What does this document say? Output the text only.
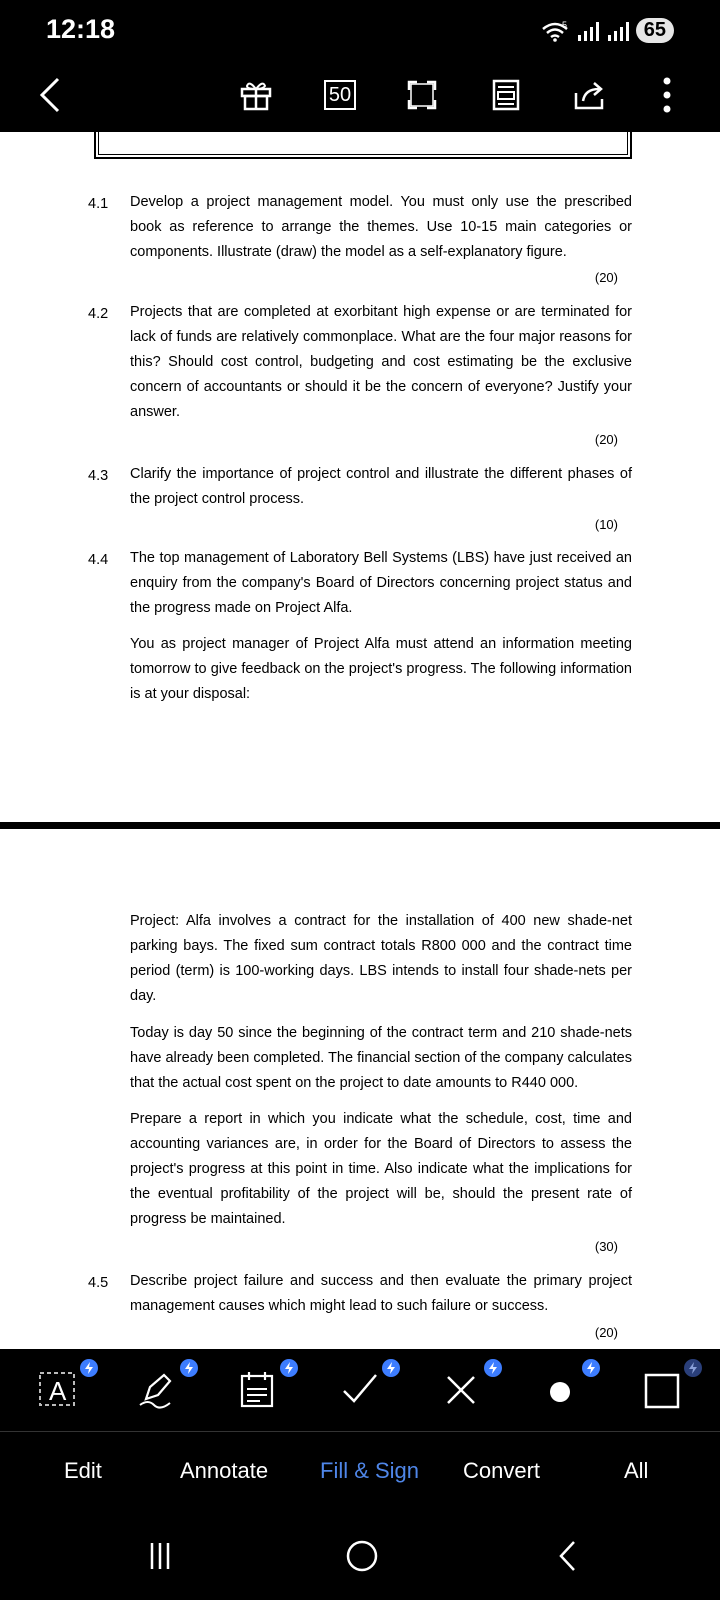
12:18	5	65
50
4.1 Develop a project management model. You must only use the prescribed book as reference to arrange the themes. Use 10-15 main categories or components. Illustrate (draw) the model as a self-explanatory figure.
(20)
4.2 Projects that are completed at exorbitant high expense or are terminated for lack of funds are relatively commonplace. What are the four major reasons for this? Should cost control, budgeting and cost estimating be the exclusive concern of accountants or should it be the concern of everyone? Justify your answer.
(20)
4.3 Clarify the importance of project control and illustrate the different phases of the project control process.
(10)
4.4 The top management of Laboratory Bell Systems (LBS) have just received an enquiry from the company's Board of Directors concerning project status and the progress made on Project Alfa.
You as project manager of Project Alfa must attend an information meeting tomorrow to give feedback on the project's progress. The following information is at your disposal:
Project: Alfa involves a contract for the installation of 400 new shade-net parking bays. The fixed sum contract totals R800 000 and the contract time period (term) is 100-working days. LBS intends to install four shade-nets per day.
Today is day 50 since the beginning of the contract term and 210 shade-nets have already been completed. The financial section of the company calculates that the actual cost spent on the project to date amounts to R440 000.
Prepare a report in which you indicate what the schedule, cost, time and accounting variances are, in order for the Board of Directors to assess the project's progress at this point in time. Also indicate what the implications for the eventual profitability of the project will be, should the present rate of progress be maintained.
(30)
4.5 Describe project failure and success and then evaluate the primary project management causes which might lead to such failure or success.
(20)
A
Edit	Annotate Fill & Sign Convert	All
